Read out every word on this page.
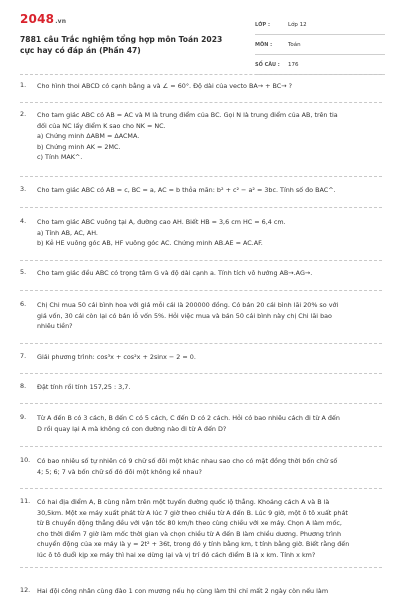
2048.vn
7881 câu Trắc nghiệm tổng hợp môn Toán 2023 cực hay có đáp án (Phần 47)
LỚP :	Lớp 12
MÔN :	Toán
SỐ CÂU : 176
1. Cho hình thoi ABCD có cạnh bằng a và ∠ = 60°. Độ dài của vecto BA→ + BC→ ?
2. Cho tam giác ABC có AB = AC và M là trung điểm của BC. Gọi N là trung điểm của AB, trên tia
đối của NC lấy điểm K sao cho NK = NC.
a) Chứng minh ΔABM = ΔACMA.
b) Chứng minh AK = 2MC.
c) Tính MAK^.
3. Cho tam giác ABC có AB = c, BC = a, AC = b thỏa mãn: b² + c² − a² = 3bc. Tính số đo BAC^.
4. Cho tam giác ABC vuông tại A, đường cao AH. Biết HB = 3,6 cm HC = 6,4 cm.
a) Tính AB, AC, AH.
b) Kẻ HE vuông góc AB, HF vuông góc AC. Chứng minh AB.AE = AC.AF.
5. Cho tam giác đều ABC có trọng tâm G và độ dài cạnh a. Tính tích vô hướng AB→.AG→.
6. Chị Chi mua 50 cái bình hoa với giá mỗi cái là 200000 đồng. Có bán 20 cái bình lãi 20% so với
giá vốn, 30 cái còn lại có bán lỗ vốn 5%. Hỏi việc mua và bán 50 cái bình này chị Chi lãi bao
nhiêu tiền?
7. Giải phương trình: cos³x + cos²x + 2sinx − 2 = 0.
8. Đặt tính rồi tính 157,25 : 3,7.
9. Từ A đến B có 3 cách, B đến C có 5 cách, C đến D có 2 cách. Hỏi có bao nhiêu cách đi từ A đến
D rồi quay lại A mà không có con đường nào đi từ A đến D?
10. Có bao nhiêu số tự nhiên có 9 chữ số đôi một khác nhau sao cho có mặt đồng thời bốn chữ số
4; 5; 6; 7 và bốn chữ số đó đôi một không kề nhau?
11. Có hai địa điểm A, B cùng nằm trên một tuyến đường quốc lộ thẳng. Khoảng cách A và B là
30,5km. Một xe máy xuất phát từ A lúc 7 giờ theo chiều từ A đến B. Lúc 9 giờ, một ô tô xuất phát
từ B chuyển động thẳng đều với vận tốc 80 km/h theo cùng chiều với xe máy. Chọn A làm mốc,
cho thời điểm 7 giờ làm mốc thời gian và chọn chiều từ A đến B làm chiều dương. Phương trình
chuyển động của xe máy là y = 2t² + 36t, trong đó y tính bằng km, t tính bằng giờ. Biết rằng đến
lúc ô tô đuổi kịp xe máy thì hai xe dừng lại và vị trí đó cách điểm B là x km. Tính x km?
12. Hai đội công nhân cùng đào 1 con mương nếu họ cùng làm thì chỉ mất 2 ngày còn nếu làm
